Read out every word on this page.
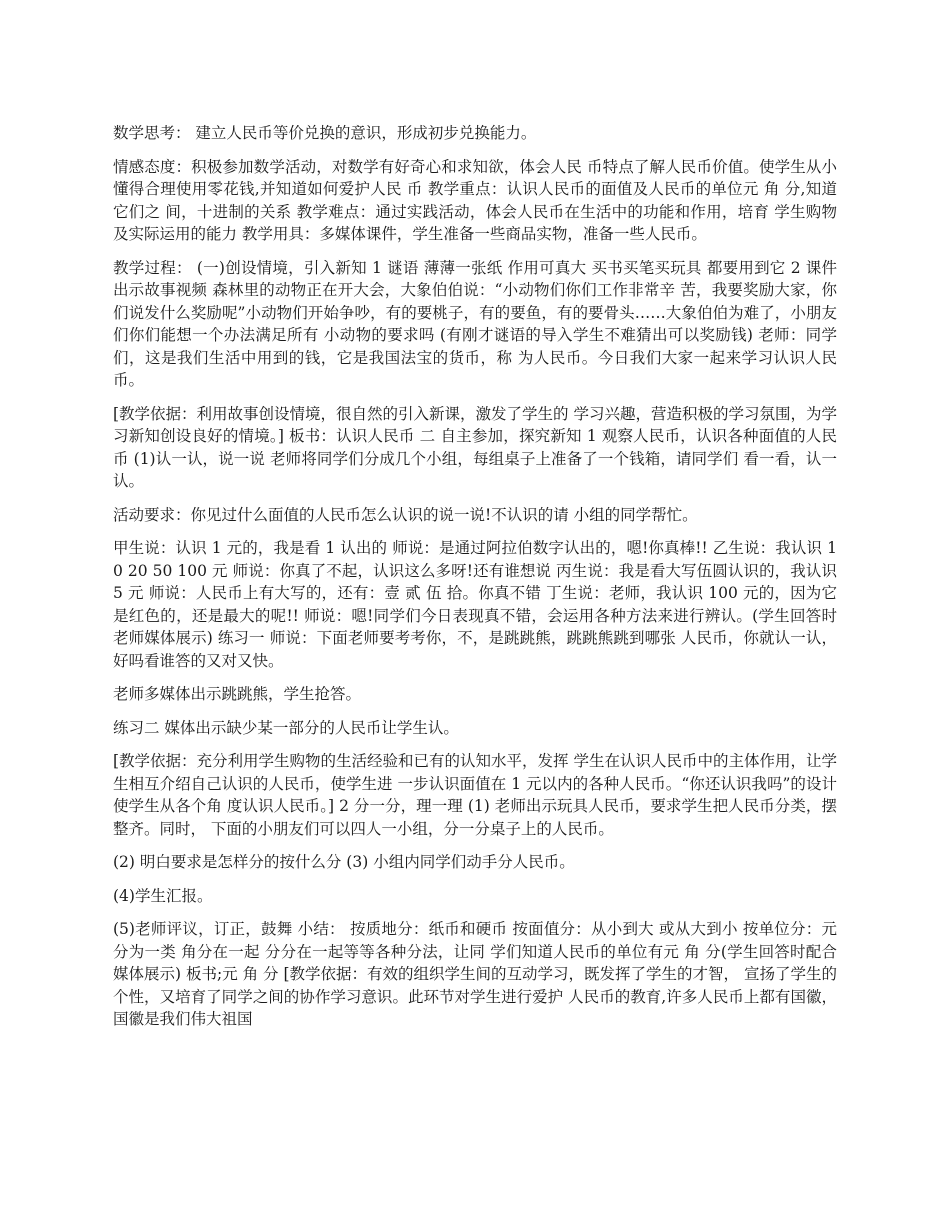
数学思考： 建立人民币等价兑换的意识，形成初步兑换能力。

情感态度：积极参加数学活动，对数学有好奇心和求知欲，体会人民 币特点了解人民币价值。使学生从小懂得合理使用零花钱,并知道如何爱护人民 币 教学重点：认识人民币的面值及人民币的单位元 角 分,知道它们之 间，十进制的关系 教学难点：通过实践活动，体会人民币在生活中的功能和作用，培育 学生购物及实际运用的能力 教学用具：多媒体课件，学生准备一些商品实物，准备一些人民币。

教学过程： (一)创设情境，引入新知 1 谜语 薄薄一张纸 作用可真大 买书买笔买玩具 都要用到它 2 课件出示故事视频 森林里的动物正在开大会，大象伯伯说：“小动物们你们工作非常辛 苦，我要奖励大家，你们说发什么奖励呢”小动物们开始争吵，有的要桃子，有的要鱼，有的要骨头……大象伯伯为难了，小朋友们你们能想一个办法满足所有 小动物的要求吗 (有刚才谜语的导入学生不难猜出可以奖励钱) 老师：同学们，这是我们生活中用到的钱，它是我国法宝的货币，称 为人民币。今日我们大家一起来学习认识人民币。

[教学依据：利用故事创设情境，很自然的引入新课，激发了学生的 学习兴趣，营造积极的学习氛围，为学习新知创设良好的情境。] 板书：认识人民币 二 自主参加，探究新知 1 观察人民币，认识各种面值的人民币 (1)认一认，说一说 老师将同学们分成几个小组，每组桌子上准备了一个钱箱，请同学们 看一看，认一认。

活动要求：你见过什么面值的人民币怎么认识的说一说!不认识的请 小组的同学帮忙。

甲生说：认识 1 元的，我是看 1 认出的 师说：是通过阿拉伯数字认出的，嗯!你真棒!! 乙生说：我认识 10 20 50 100 元 师说：你真了不起，认识这么多呀!还有谁想说 丙生说：我是看大写伍圆认识的，我认识 5 元 师说：人民币上有大写的，还有：壹 贰 伍 拾。你真不错 丁生说：老师，我认识 100 元的，因为它是红色的，还是最大的呢!! 师说：嗯!同学们今日表现真不错，会运用各种方法来进行辨认。(学生回答时老师媒体展示) 练习一 师说：下面老师要考考你，不，是跳跳熊，跳跳熊跳到哪张 人民币，你就认一认，好吗看谁答的又对又快。

老师多媒体出示跳跳熊，学生抢答。

练习二 媒体出示缺少某一部分的人民币让学生认。

[教学依据：充分利用学生购物的生活经验和已有的认知水平，发挥 学生在认识人民币中的主体作用，让学生相互介绍自己认识的人民币，使学生进 一步认识面值在 1 元以内的各种人民币。“你还认识我吗”的设计使学生从各个角 度认识人民币。] 2 分一分，理一理 (1) 老师出示玩具人民币，要求学生把人民币分类，摆整齐。同时， 下面的小朋友们可以四人一小组，分一分桌子上的人民币。

(2) 明白要求是怎样分的按什么分 (3) 小组内同学们动手分人民币。

(4)学生汇报。

(5)老师评议，订正，鼓舞 小结： 按质地分：纸币和硬币 按面值分：从小到大 或从大到小 按单位分：元分为一类 角分在一起 分分在一起等等各种分法，让同 学们知道人民币的单位有元 角 分(学生回答时配合媒体展示) 板书;元 角 分 [教学依据：有效的组织学生间的互动学习，既发挥了学生的才智， 宣扬了学生的个性，又培育了同学之间的协作学习意识。此环节对学生进行爱护 人民币的教育,许多人民币上都有国徽，国徽是我们伟大祖国
